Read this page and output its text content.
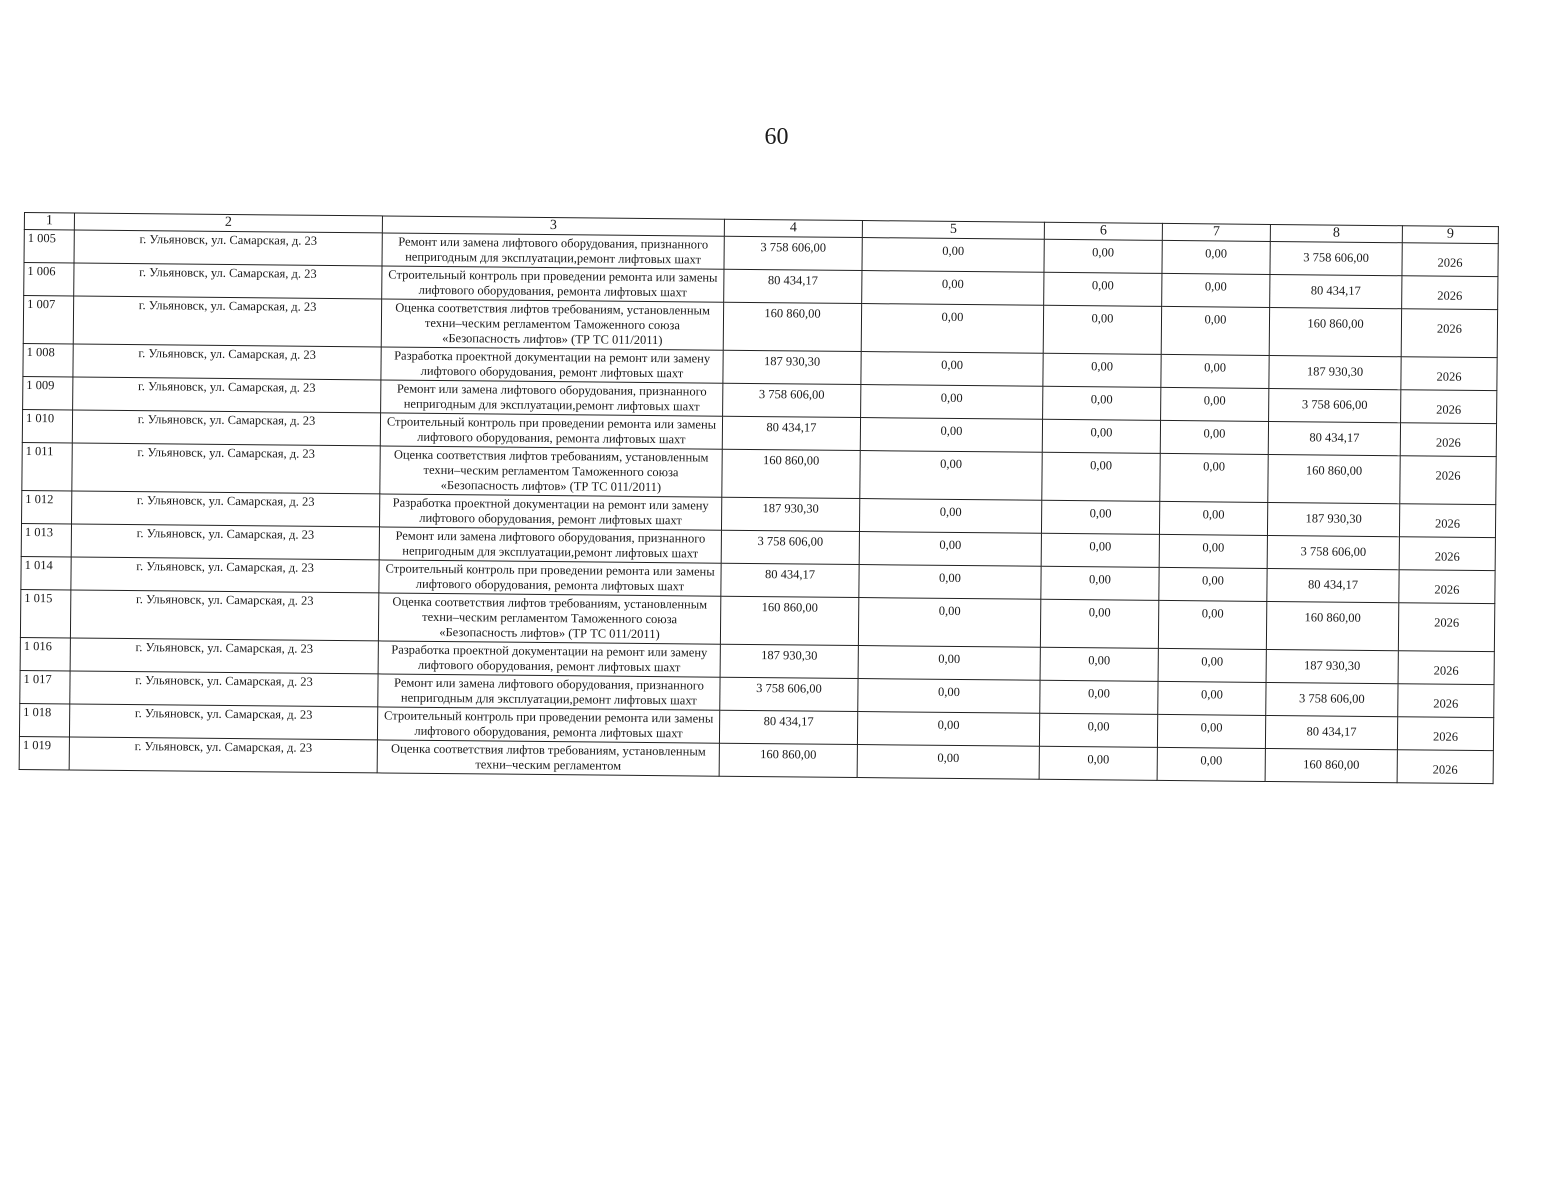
60
1	2	3	4	5	6	7	8	9
1 005	г. Ульяновск, ул. Самарская, д. 23	Ремонт или замена лифтового оборудования, признанного непригодным для эксплуатации,ремонт лифтовых шахт	3 758 606,00	0,00	0,00	0,00	3 758 606,00	2026
1 006	г. Ульяновск, ул. Самарская, д. 23	Строительный контроль при проведении ремонта или замены лифтового оборудования, ремонта лифтовых шахт	80 434,17	0,00	0,00	0,00	80 434,17	2026
1 007	г. Ульяновск, ул. Самарская, д. 23	Оценка соответствия лифтов требованиям, установленным техни–ческим регламентом Таможенного союза «Безопасность лифтов» (ТР ТС 011/2011)	160 860,00	0,00	0,00	0,00	160 860,00	2026
1 008	г. Ульяновск, ул. Самарская, д. 23	Разработка проектной документации на ремонт или замену лифтового оборудования, ремонт лифтовых шахт	187 930,30	0,00	0,00	0,00	187 930,30	2026
1 009	г. Ульяновск, ул. Самарская, д. 23	Ремонт или замена лифтового оборудования, признанного непригодным для эксплуатации,ремонт лифтовых шахт	3 758 606,00	0,00	0,00	0,00	3 758 606,00	2026
1 010	г. Ульяновск, ул. Самарская, д. 23	Строительный контроль при проведении ремонта или замены лифтового оборудования, ремонта лифтовых шахт	80 434,17	0,00	0,00	0,00	80 434,17	2026
1 011	г. Ульяновск, ул. Самарская, д. 23	Оценка соответствия лифтов требованиям, установленным техни–ческим регламентом Таможенного союза «Безопасность лифтов» (ТР ТС 011/2011)	160 860,00	0,00	0,00	0,00	160 860,00	2026
1 012	г. Ульяновск, ул. Самарская, д. 23	Разработка проектной документации на ремонт или замену лифтового оборудования, ремонт лифтовых шахт	187 930,30	0,00	0,00	0,00	187 930,30	2026
1 013	г. Ульяновск, ул. Самарская, д. 23	Ремонт или замена лифтового оборудования, признанного непригодным для эксплуатации,ремонт лифтовых шахт	3 758 606,00	0,00	0,00	0,00	3 758 606,00	2026
1 014	г. Ульяновск, ул. Самарская, д. 23	Строительный контроль при проведении ремонта или замены лифтового оборудования, ремонта лифтовых шахт	80 434,17	0,00	0,00	0,00	80 434,17	2026
1 015	г. Ульяновск, ул. Самарская, д. 23	Оценка соответствия лифтов требованиям, установленным техни–ческим регламентом Таможенного союза «Безопасность лифтов» (ТР ТС 011/2011)	160 860,00	0,00	0,00	0,00	160 860,00	2026
1 016	г. Ульяновск, ул. Самарская, д. 23	Разработка проектной документации на ремонт или замену лифтового оборудования, ремонт лифтовых шахт	187 930,30	0,00	0,00	0,00	187 930,30	2026
1 017	г. Ульяновск, ул. Самарская, д. 23	Ремонт или замена лифтового оборудования, признанного непригодным для эксплуатации,ремонт лифтовых шахт	3 758 606,00	0,00	0,00	0,00	3 758 606,00	2026
1 018	г. Ульяновск, ул. Самарская, д. 23	Строительный контроль при проведении ремонта или замены лифтового оборудования, ремонта лифтовых шахт	80 434,17	0,00	0,00	0,00	80 434,17	2026
1 019	г. Ульяновск, ул. Самарская, д. 23	Оценка соответствия лифтов требованиям, установленным техни–ческим регламентом	160 860,00	0,00	0,00	0,00	160 860,00	2026
